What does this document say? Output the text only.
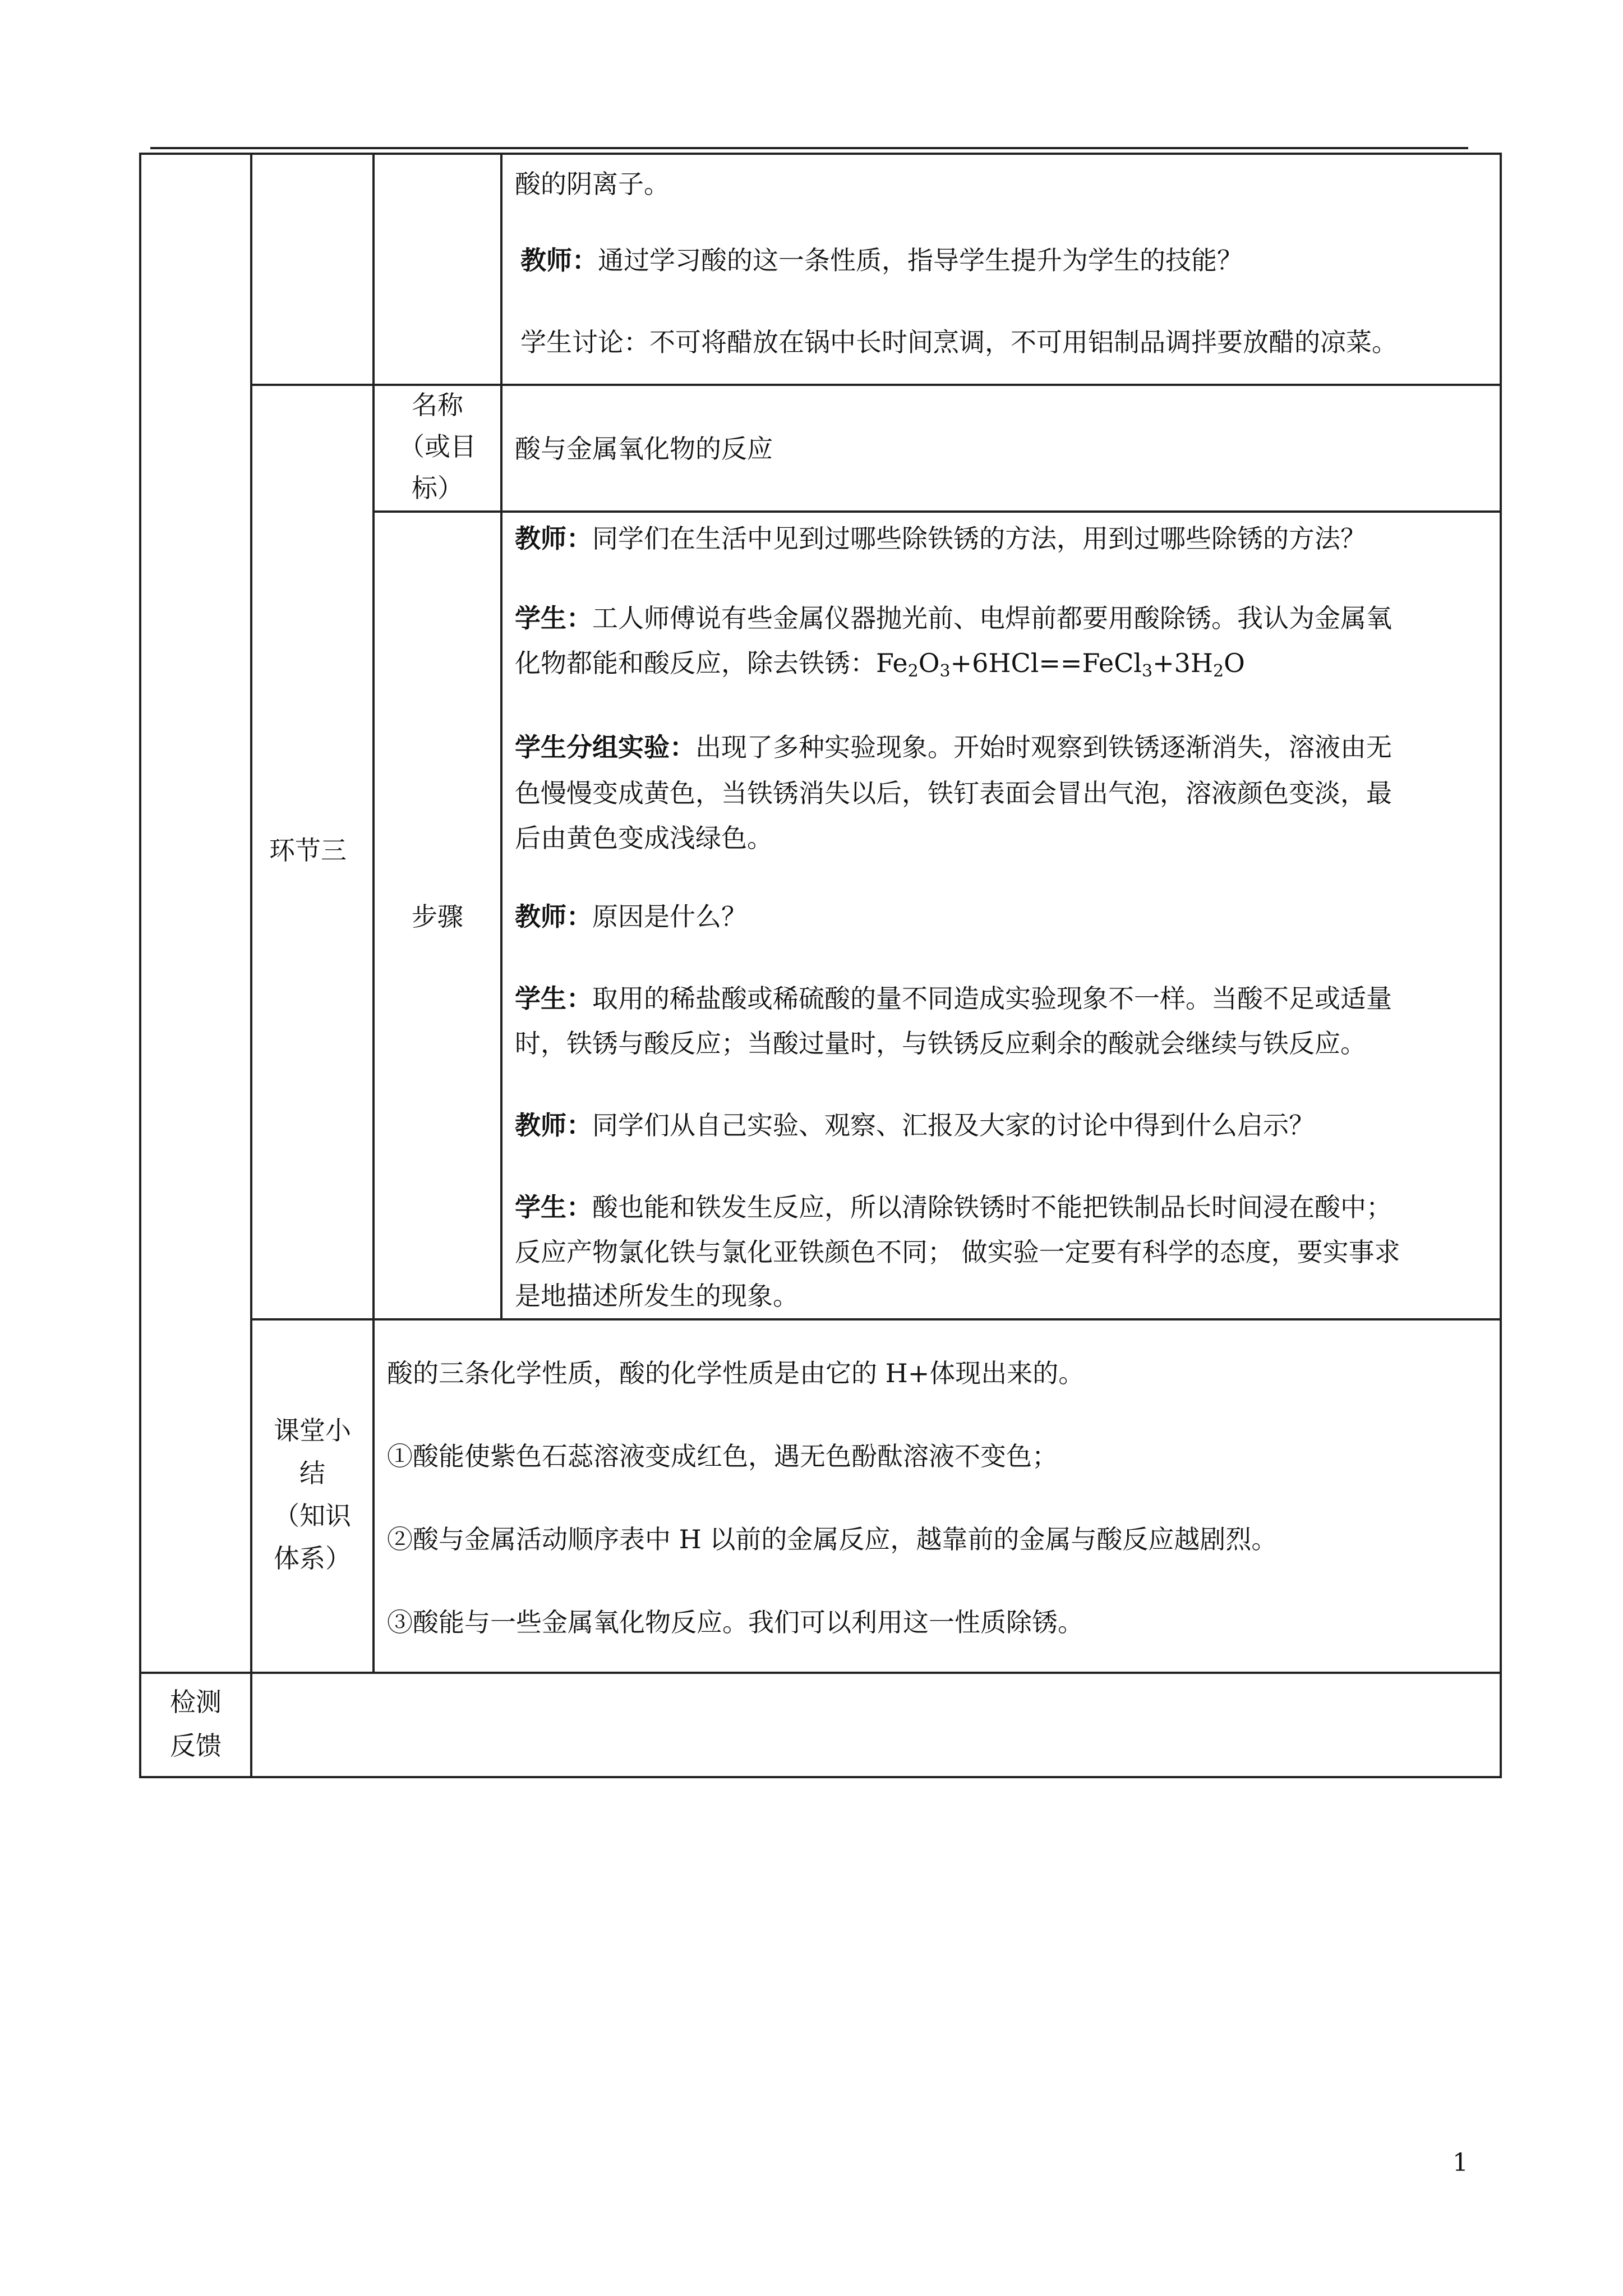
酸的阴离子。
教师：通过学习酸的这一条性质，指导学生提升为学生的技能？
学生讨论：不可将醋放在锅中长时间烹调，不可用铝制品调拌要放醋的凉菜。
环节三
名称
（或目
标）
酸与金属氧化物的反应
步骤
教师：同学们在生活中见到过哪些除铁锈的方法，用到过哪些除锈的方法？
学生：工人师傅说有些金属仪器抛光前、电焊前都要用酸除锈。我认为金属氧
化物都能和酸反应，除去铁锈：$Fe_2O_3+6HCl==FeCl_3+3H_2O$
学生分组实验：出现了多种实验现象。开始时观察到铁锈逐渐消失，溶液由无
色慢慢变成黄色，当铁锈消失以后，铁钉表面会冒出气泡，溶液颜色变淡，最
后由黄色变成浅绿色。
教师：原因是什么？
学生：取用的稀盐酸或稀硫酸的量不同造成实验现象不一样。当酸不足或适量
时，铁锈与酸反应；当酸过量时，与铁锈反应剩余的酸就会继续与铁反应。
教师：同学们从自己实验、观察、汇报及大家的讨论中得到什么启示？
学生：酸也能和铁发生反应，所以清除铁锈时不能把铁制品长时间浸在酸中；
反应产物氯化铁与氯化亚铁颜色不同； 做实验一定要有科学的态度，要实事求
是地描述所发生的现象。
课堂小
结
（知识
体系）
酸的三条化学性质，酸的化学性质是由它的 H+体现出来的。
①酸能使紫色石蕊溶液变成红色，遇无色酚酞溶液不变色；
②酸与金属活动顺序表中 H 以前的金属反应，越靠前的金属与酸反应越剧烈。
③酸能与一些金属氧化物反应。我们可以利用这一性质除锈。
检测
反馈
1
